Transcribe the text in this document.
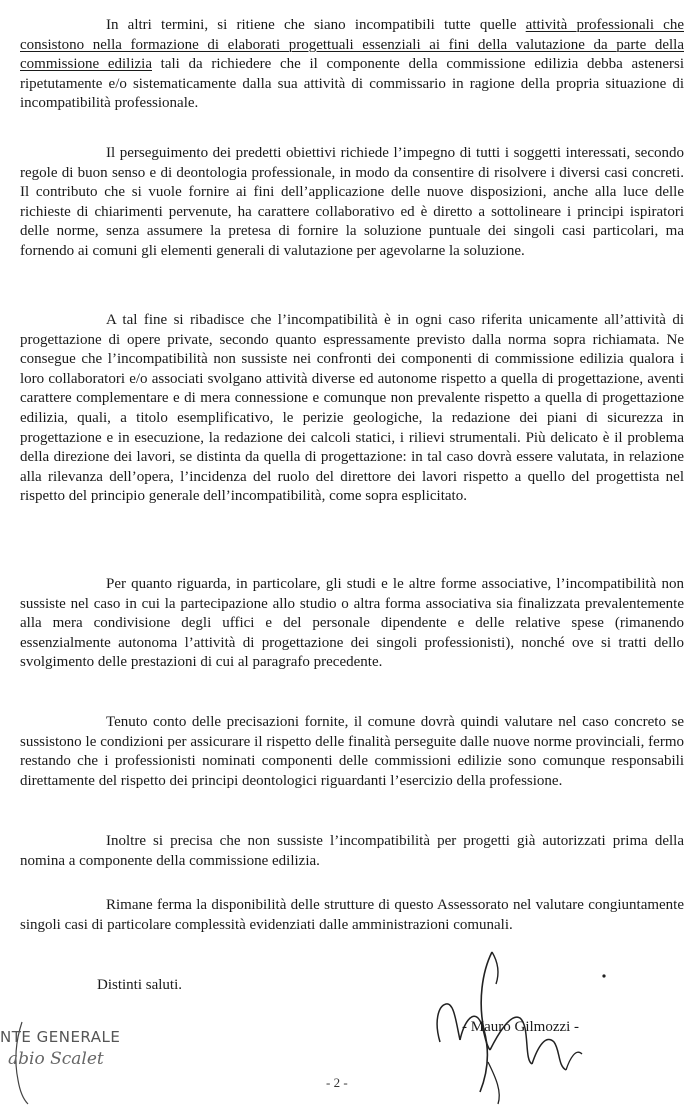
In altri termini, si ritiene che siano incompatibili tutte quelle attività professionali che consistono nella formazione di elaborati progettuali essenziali ai fini della valutazione da parte della commissione edilizia tali da richiedere che il componente della commissione edilizia debba astenersi ripetutamente e/o sistematicamente dalla sua attività di commissario in ragione della propria situazione di incompatibilità professionale.

Il perseguimento dei predetti obiettivi richiede l’impegno di tutti i soggetti interessati, secondo regole di buon senso e di deontologia professionale, in modo da consentire di risolvere i diversi casi concreti. Il contributo che si vuole fornire ai fini dell’applicazione delle nuove disposizioni, anche alla luce delle richieste di chiarimenti pervenute, ha carattere collaborativo ed è diretto a sottolineare i principi ispiratori delle norme, senza assumere la pretesa di fornire la soluzione puntuale dei singoli casi particolari, ma fornendo ai comuni gli elementi generali di valutazione per agevolarne la soluzione.

A tal fine si ribadisce che l’incompatibilità è in ogni caso riferita unicamente all’attività di progettazione di opere private, secondo quanto espressamente previsto dalla norma sopra richiamata. Ne consegue che l’incompatibilità non sussiste nei confronti dei componenti di commissione edilizia qualora i loro collaboratori e/o associati svolgano attività diverse ed autonome rispetto a quella di progettazione, aventi carattere complementare e di mera connessione e comunque non prevalente rispetto a quella di progettazione edilizia, quali, a titolo esemplificativo, le perizie geologiche, la redazione dei piani di sicurezza in progettazione e in esecuzione, la redazione dei calcoli statici, i rilievi strumentali. Più delicato è il problema della direzione dei lavori, se distinta da quella di progettazione: in tal caso dovrà essere valutata, in relazione alla rilevanza dell’opera, l’incidenza del ruolo del direttore dei lavori rispetto a quello del progettista nel rispetto del principio generale dell’incompatibilità, come sopra esplicitato.

Per quanto riguarda, in particolare, gli studi e le altre forme associative, l’incompatibilità non sussiste nel caso in cui la partecipazione allo studio o altra forma associativa sia finalizzata prevalentemente alla mera condivisione degli uffici e del personale dipendente e delle relative spese (rimanendo essenzialmente autonoma l’attività di progettazione dei singoli professionisti), nonché ove si tratti dello svolgimento delle prestazioni di cui al paragrafo precedente.

Tenuto conto delle precisazioni fornite, il comune dovrà quindi valutare nel caso concreto se sussistono le condizioni per assicurare il rispetto delle finalità perseguite dalle nuove norme provinciali, fermo restando che i professionisti nominati componenti delle commissioni edilizie sono comunque responsabili direttamente del rispetto dei principi deontologici riguardanti l’esercizio della professione.

Inoltre si precisa che non sussiste l’incompatibilità per progetti già autorizzati prima della nomina a componente della commissione edilizia.

Rimane ferma la disponibilità delle strutture di questo Assessorato nel valutare congiuntamente singoli casi di particolare complessità evidenziati dalle amministrazioni comunali.

Distinti saluti.
- Mauro Gilmozzi -
NTE GENERALE
abio Scalet
- 2 -
